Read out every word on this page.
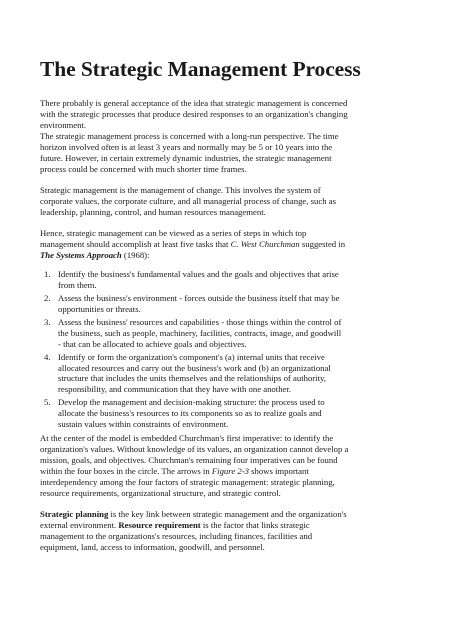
The Strategic Management Process

There probably is general acceptance of the idea that strategic management is concerned
with the strategic processes that produce desired responses to an organization's changing
environment.

The strategic management process is concerned with a long-run perspective. The time
horizon involved often is at least 3 years and normally may be 5 or 10 years into the
future. However, in certain extremely dynamic industries, the strategic management
process could be concerned with much shorter time frames.

Strategic management is the management of change. This involves the system of
corporate values, the corporate culture, and all managerial process of change, such as
leadership, planning, control, and human resources management.

Hence, strategic management can be viewed as a series of steps in which top
management should accomplish at least five tasks that C. West Churchman suggested in
The Systems Approach (1968):

1. Identify the business's fundamental values and the goals and objectives that arise
from them.
2. Assess the business's environment - forces outside the business itself that may be
opportunities or threats.
3. Assess the business' resources and capabilities - those things within the control of
the business, such as people, machinery, facilities, contracts, image, and goodwill
- that can be allocated to achieve goals and objectives.
4. Identify or form the organization's component's (a) internal units that receive
allocated resources and carry out the business's work and (b) an organizational
structure that includes the units themselves and the relationships of authority,
responsibility, and communication that they have with one another.
5. Develop the management and decision-making structure: the process used to
allocate the business's resources to its components so as to realize goals and
sustain values within constraints of environment.

At the center of the model is embedded Churchman's first imperative: to identify the
organization's values. Without knowledge of its values, an organization cannot develop a
mission, goals, and objectives. Churchman's remaining four imperatives can be found
within the four boxes in the circle. The arrows in Figure 2-3 shows important
interdependency among the four factors of strategic management: strategic planning,
resource requirements, organizational structure, and strategic control.

Strategic planning is the key link between strategic management and the organization's
external environment. Resource requirement is the factor that links strategic
management to the organizations's resources, including finances, facilities and
equipment, land, access to information, goodwill, and personnel.
